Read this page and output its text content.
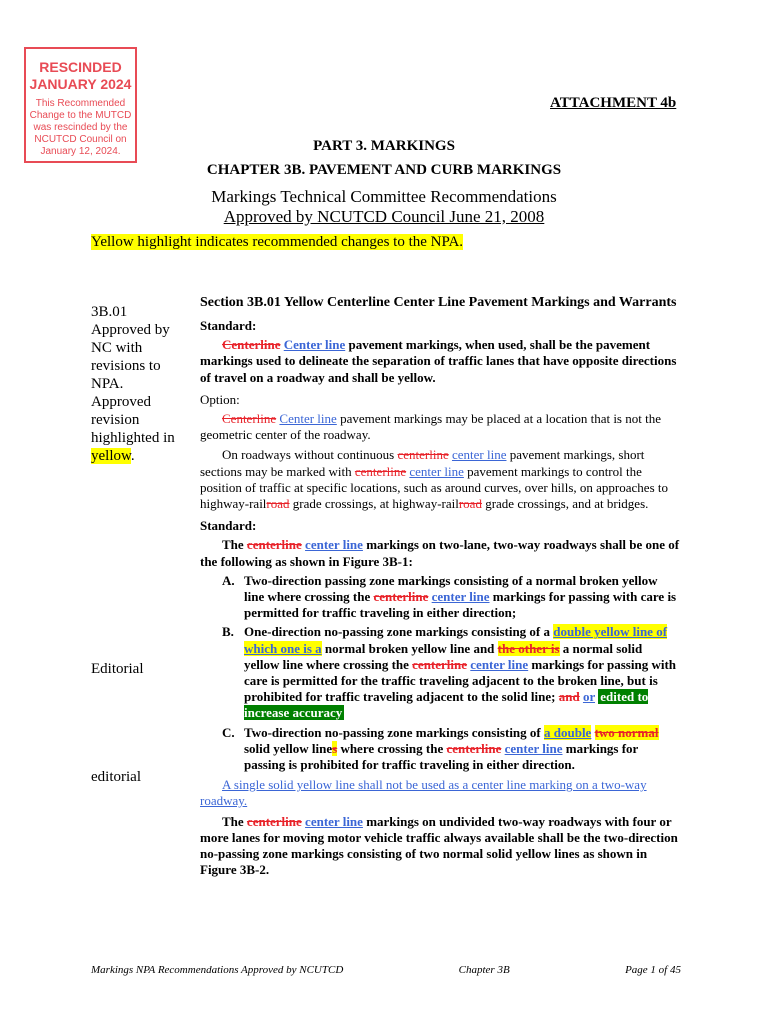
RESCINDED
JANUARY 2024
This Recommended Change to the MUTCD was rescinded by the NCUTCD Council on January 12, 2024.
ATTACHMENT 4b
PART 3. MARKINGS
CHAPTER 3B. PAVEMENT AND CURB MARKINGS
Markings Technical Committee Recommendations
Approved by NCUTCD Council June 21, 2008
Yellow highlight indicates recommended changes to the NPA.
3B.01 Approved by NC with revisions to NPA. Approved revision highlighted in yellow.
Editorial
editorial

Section 3B.01 Yellow Centerline Center Line Pavement Markings and Warrants

Standard:

Centerline Center line pavement markings, when used, shall be the pavement markings used to delineate the separation of traffic lanes that have opposite directions of travel on a roadway and shall be yellow.

Option:

Centerline Center line pavement markings may be placed at a location that is not the geometric center of the roadway.

On roadways without continuous centerline center line pavement markings, short sections may be marked with centerline center line pavement markings to control the position of traffic at specific locations, such as around curves, over hills, on approaches to highway-railroad grade crossings, at highway-railroad grade crossings, and at bridges.

Standard:

The centerline center line markings on two-lane, two-way roadways shall be one of the following as shown in Figure 3B-1:

A. Two-direction passing zone markings consisting of a normal broken yellow line where crossing the centerline center line markings for passing with care is permitted for traffic traveling in either direction;
B. One-direction no-passing zone markings consisting of a double yellow line of which one is a normal broken yellow line and the other is a normal solid yellow line where crossing the centerline center line markings for passing with care is permitted for the traffic traveling adjacent to the broken line, but is prohibited for traffic traveling adjacent to the solid line; and or edited to increase accuracy
C. Two-direction no-passing zone markings consisting of a double two normal solid yellow lines where crossing the centerline center line markings for passing is prohibited for traffic traveling in either direction.

A single solid yellow line shall not be used as a center line marking on a two-way roadway.

The centerline center line markings on undivided two-way roadways with four or more lanes for moving motor vehicle traffic always available shall be the two-direction no-passing zone markings consisting of two normal solid yellow lines as shown in Figure 3B-2.

Markings NPA Recommendations Approved by NCUTCD	Chapter 3B	Page 1 of 45
